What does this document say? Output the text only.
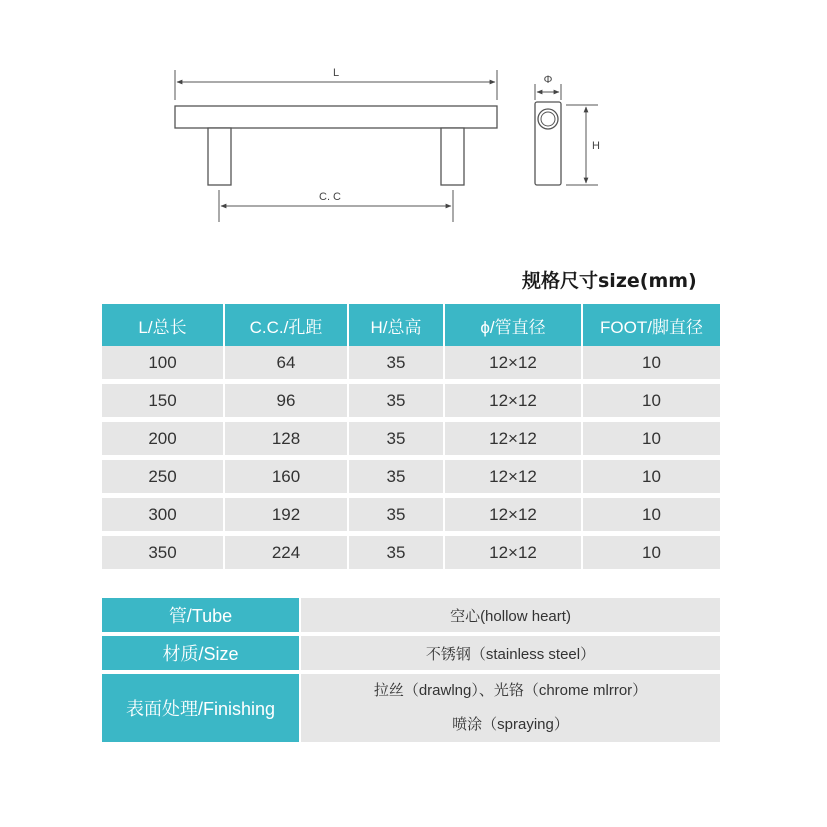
L
C. C
Φ
H
规格尺寸size(mm)
L/总长	C.C./孔距	H/总高	ϕ/管直径	FOOT/脚直径
100	64	35	12×12	10
150	96	35	12×12	10
200	128	35	12×12	10
250	160	35	12×12	10
300	192	35	12×12	10
350	224	35	12×12	10
管/Tube	空心(hollow heart)
材质/Size	不锈钢（stainless steel）
表面处理/Finishing	拉丝（drawlng）、光铬（chrome mlrror）
喷涂（spraying）
